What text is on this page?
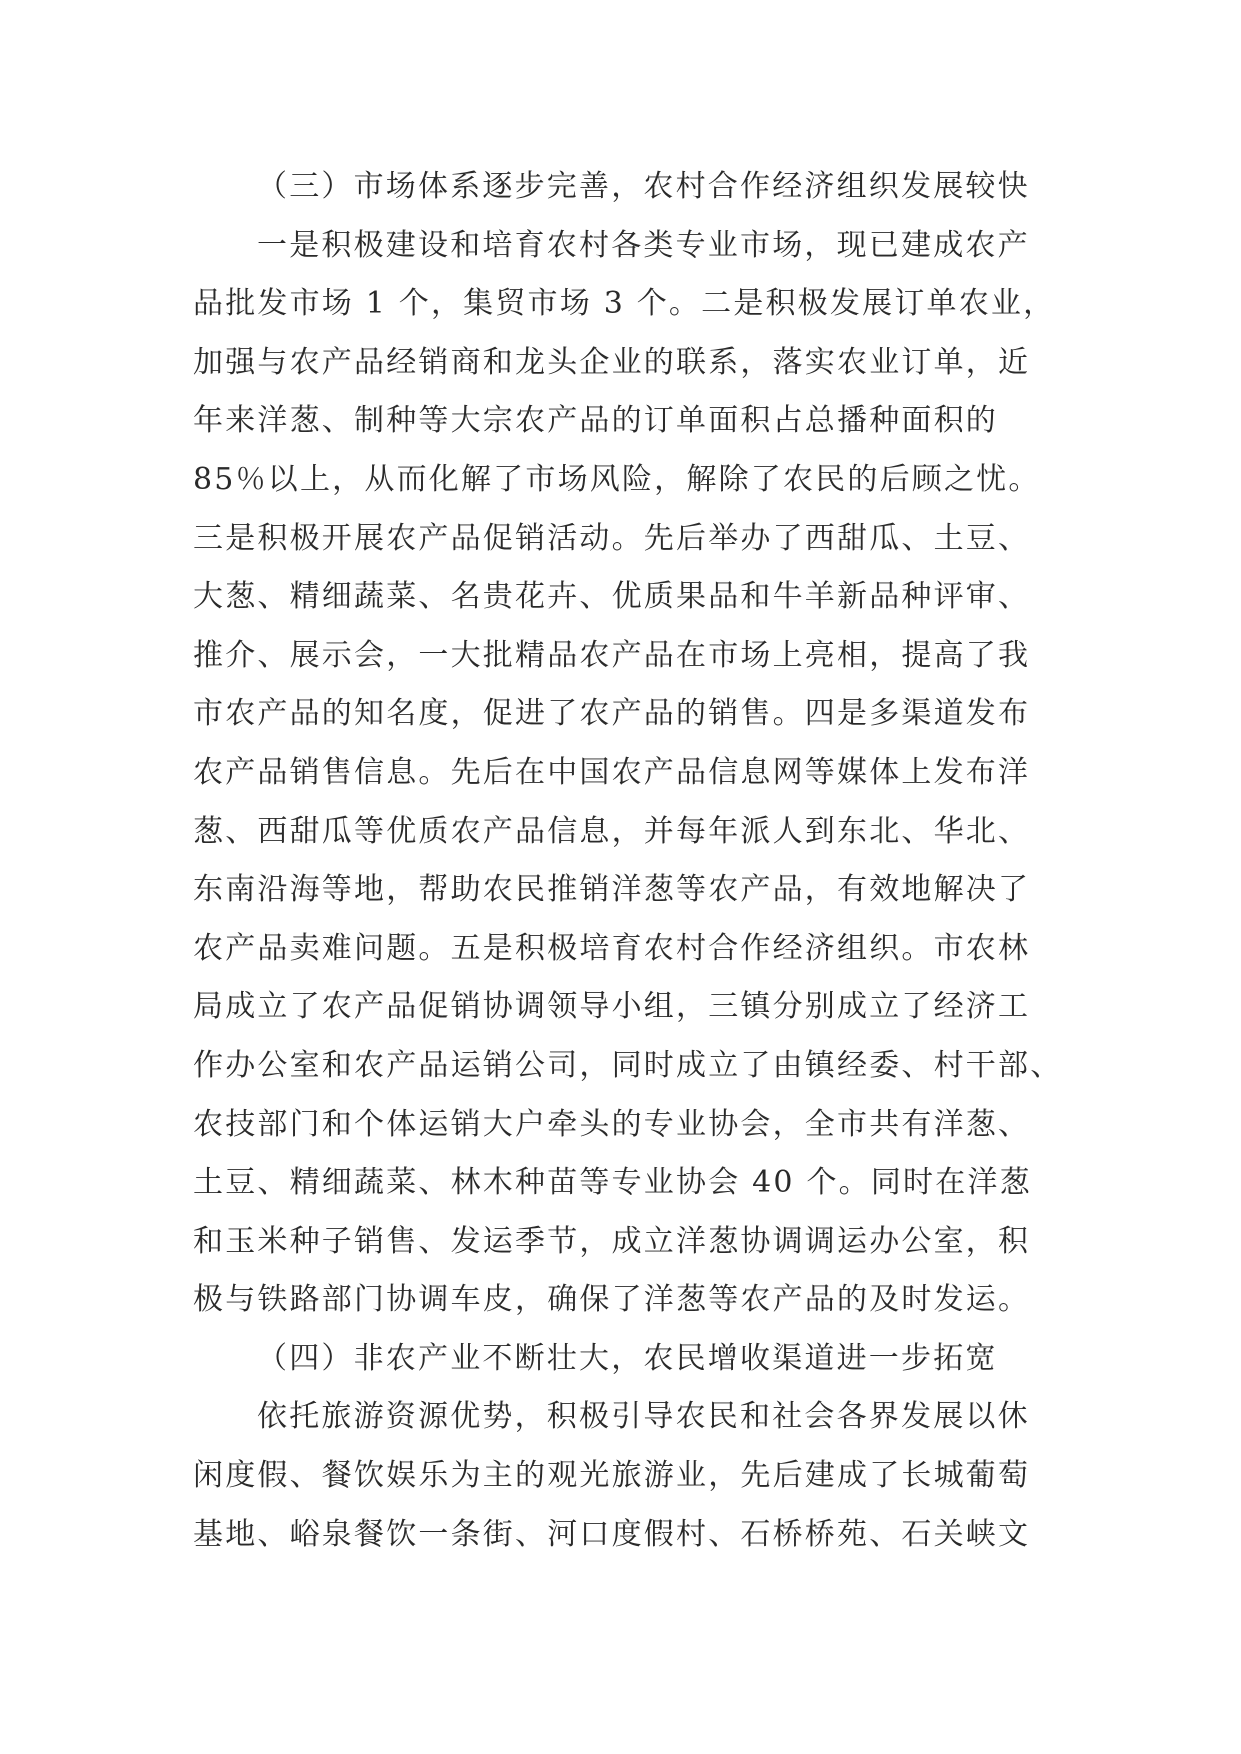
（三）市场体系逐步完善，农村合作经济组织发展较快
一是积极建设和培育农村各类专业市场，现已建成农产
品批发市场 1 个，集贸市场 3 个。二是积极发展订单农业，
加强与农产品经销商和龙头企业的联系，落实农业订单，近
年来洋葱、制种等大宗农产品的订单面积占总播种面积的
85％以上，从而化解了市场风险，解除了农民的后顾之忧。
三是积极开展农产品促销活动。先后举办了西甜瓜、土豆、
大葱、精细蔬菜、名贵花卉、优质果品和牛羊新品种评审、
推介、展示会，一大批精品农产品在市场上亮相，提高了我
市农产品的知名度，促进了农产品的销售。四是多渠道发布
农产品销售信息。先后在中国农产品信息网等媒体上发布洋
葱、西甜瓜等优质农产品信息，并每年派人到东北、华北、
东南沿海等地，帮助农民推销洋葱等农产品，有效地解决了
农产品卖难问题。五是积极培育农村合作经济组织。市农林
局成立了农产品促销协调领导小组，三镇分别成立了经济工
作办公室和农产品运销公司，同时成立了由镇经委、村干部、
农技部门和个体运销大户牵头的专业协会，全市共有洋葱、
土豆、精细蔬菜、林木种苗等专业协会 40 个。同时在洋葱
和玉米种子销售、发运季节，成立洋葱协调调运办公室，积
极与铁路部门协调车皮，确保了洋葱等农产品的及时发运。
（四）非农产业不断壮大，农民增收渠道进一步拓宽
依托旅游资源优势，积极引导农民和社会各界发展以休
闲度假、餐饮娱乐为主的观光旅游业，先后建成了长城葡萄
基地、峪泉餐饮一条街、河口度假村、石桥桥苑、石关峡文
